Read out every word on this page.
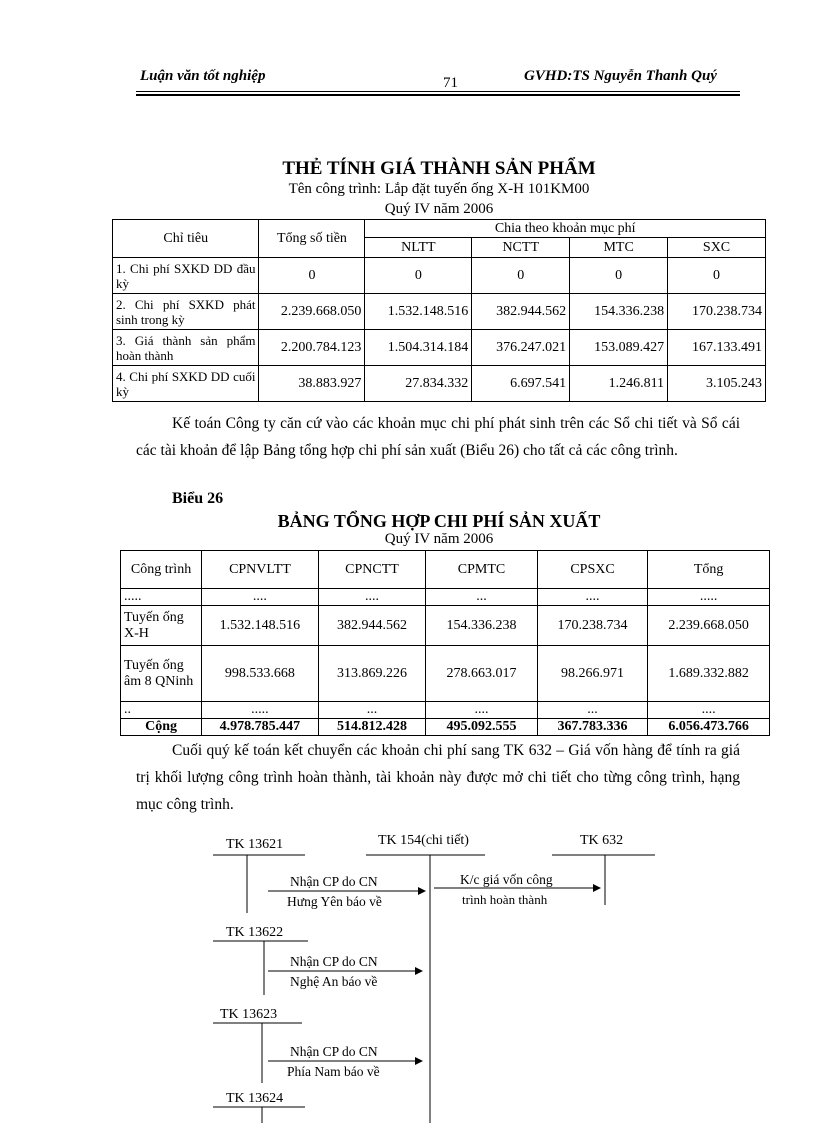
Luận văn tốt nghiệp	71	GVHD:TS Nguyễn Thanh Quý
THẺ TÍNH GIÁ THÀNH SẢN PHẨM
Tên công trình: Lắp đặt tuyến ống X-H 101KM00
Quý IV năm 2006
Chỉ tiêu	Tổng số tiền	Chia theo khoản mục phí			
		NLTT	NCTT	MTC	SXC
1. Chi phí SXKD DD đầu kỳ	0	0	0	0	0
2. Chi phí SXKD phát sinh trong kỳ	2.239.668.050	1.532.148.516	382.944.562	154.336.238	170.238.734
3. Giá thành sản phẩm hoàn thành	2.200.784.123	1.504.314.184	376.247.021	153.089.427	167.133.491
4. Chi phí SXKD DD cuối kỳ	38.883.927	27.834.332	6.697.541	1.246.811	3.105.243
Kế toán Công ty căn cứ vào các khoản mục chi phí phát sinh trên các Sổ chi tiết và Sổ cái các tài khoản để lập Bảng tổng hợp chi phí sản xuất (Biểu 26) cho tất cả các công trình.
Biểu 26
BẢNG TỔNG HỢP CHI PHÍ SẢN XUẤT
Quý IV năm 2006
Công trình	CPNVLTT	CPNCTT	CPMTC	CPSXC	Tổng
.....	....	....	...	....	.....
Tuyến ống X-H	1.532.148.516	382.944.562	154.336.238	170.238.734	2.239.668.050
Tuyến ống âm 8 QNinh	998.533.668	313.869.226	278.663.017	98.266.971	1.689.332.882
..	.....	...	....	...	....
Cộng	4.978.785.447	514.812.428	495.092.555	367.783.336	6.056.473.766
Cuối quý kế toán kết chuyển các khoản chi phí sang TK 632 – Giá vốn hàng để tính ra giá trị khối lượng công trình hoàn thành, tài khoản này được mở chi tiết cho từng công trình, hạng mục công trình.
TK 13621	TK 154(chi tiết)	TK 632
TK 13622
TK 13623
TK 13624
Nhận CP do CN
Hưng Yên báo về
K/c giá vốn công
trình hoàn thành
Nhận CP do CN
Nghệ An báo về
Nhận CP do CN
Phía Nam báo về
